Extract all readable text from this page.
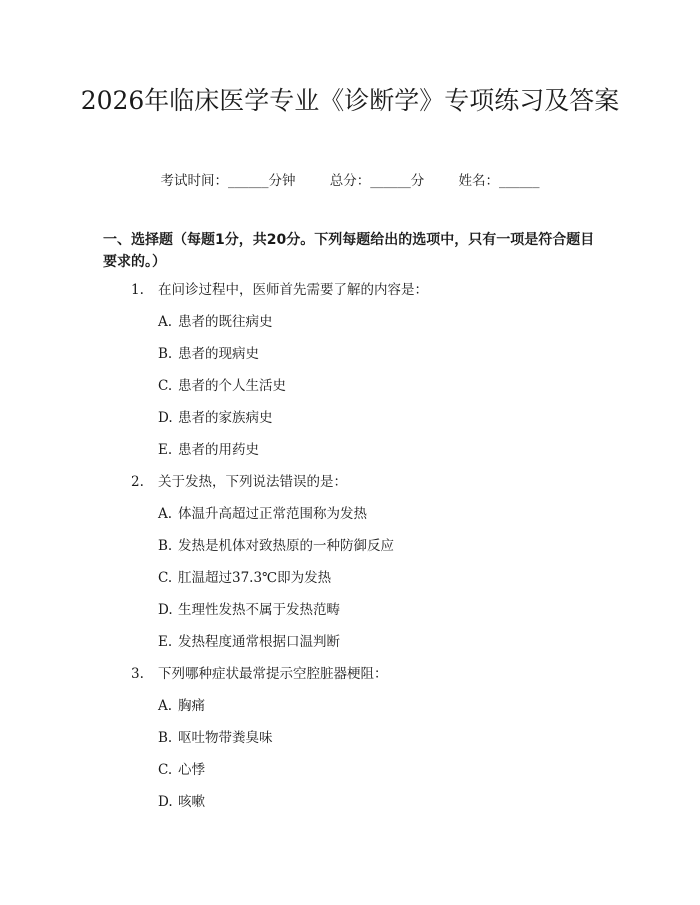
2026年临床医学专业《诊断学》专项练习及答案
考试时间：______分钟	总分：______分	姓名：______
一、选择题（每题1分，共20分。下列每题给出的选项中，只有一项是符合题目要求的。）
1. 在问诊过程中，医师首先需要了解的内容是：
A. 患者的既往病史
B. 患者的现病史
C. 患者的个人生活史
D. 患者的家族病史
E. 患者的用药史
2. 关于发热，下列说法错误的是：
A. 体温升高超过正常范围称为发热
B. 发热是机体对致热原的一种防御反应
C. 肛温超过37.3℃即为发热
D. 生理性发热不属于发热范畴
E. 发热程度通常根据口温判断
3. 下列哪种症状最常提示空腔脏器梗阻：
A. 胸痛
B. 呕吐物带粪臭味
C. 心悸
D. 咳嗽
